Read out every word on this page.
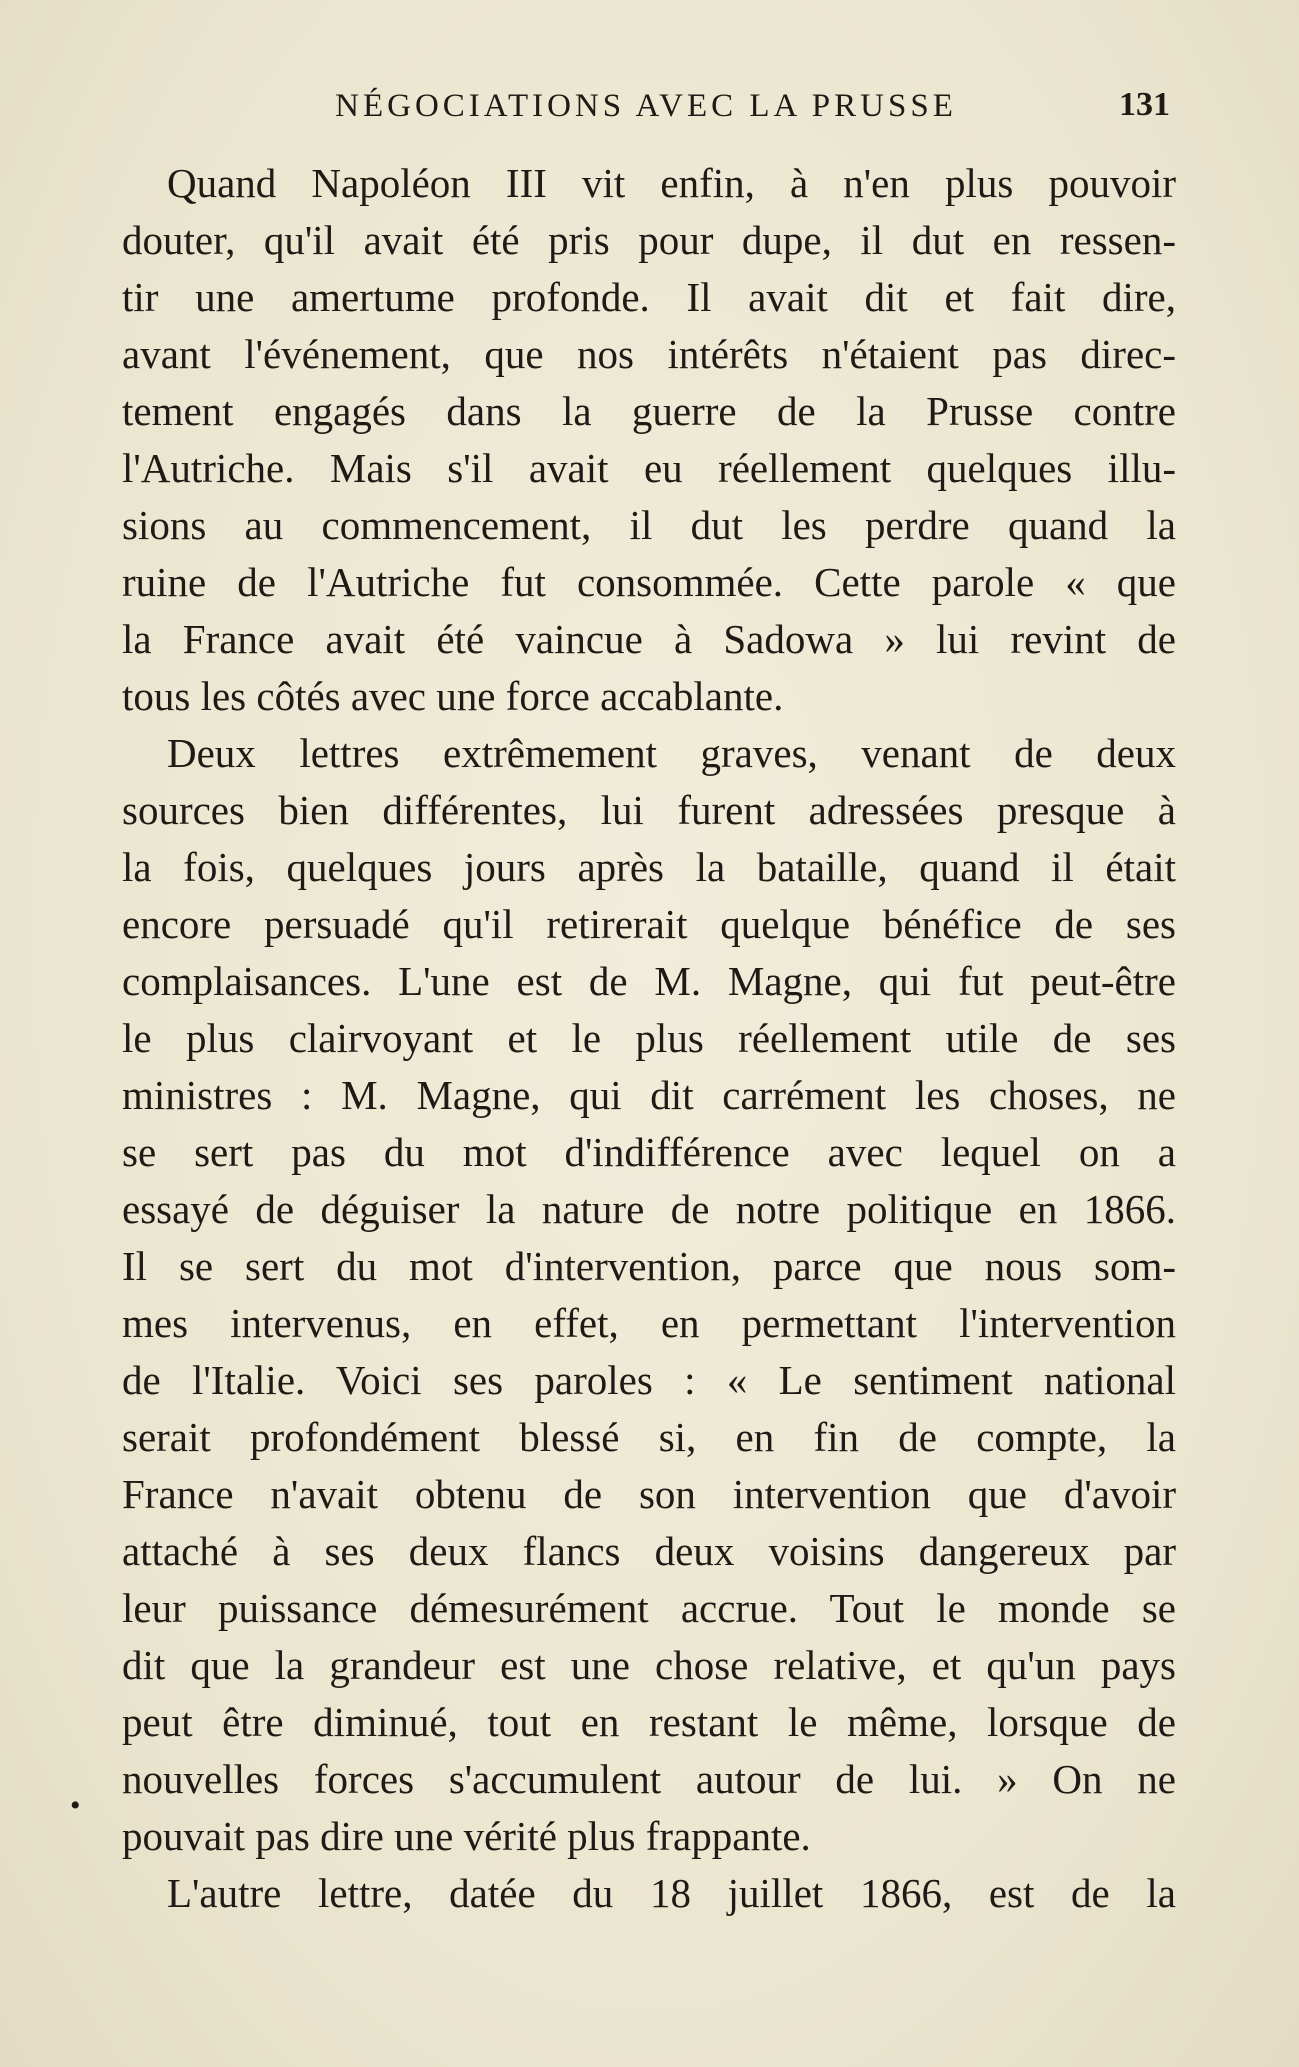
NÉGOCIATIONS AVEC LA PRUSSE	131
Quand Napoléon III vit enfin, à n'en plus pouvoir
douter, qu'il avait été pris pour dupe, il dut en ressen-
tir une amertume profonde. Il avait dit et fait dire,
avant l'événement, que nos intérêts n'étaient pas direc-
tement engagés dans la guerre de la Prusse contre
l'Autriche. Mais s'il avait eu réellement quelques illu-
sions au commencement, il dut les perdre quand la
ruine de l'Autriche fut consommée. Cette parole « que
la France avait été vaincue à Sadowa » lui revint de
tous les côtés avec une force accablante.
Deux lettres extrêmement graves, venant de deux
sources bien différentes, lui furent adressées presque à
la fois, quelques jours après la bataille, quand il était
encore persuadé qu'il retirerait quelque bénéfice de ses
complaisances. L'une est de M. Magne, qui fut peut-être
le plus clairvoyant et le plus réellement utile de ses
ministres : M. Magne, qui dit carrément les choses, ne
se sert pas du mot d'indifférence avec lequel on a
essayé de déguiser la nature de notre politique en 1866.
Il se sert du mot d'intervention, parce que nous som-
mes intervenus, en effet, en permettant l'intervention
de l'Italie. Voici ses paroles : « Le sentiment national
serait profondément blessé si, en fin de compte, la
France n'avait obtenu de son intervention que d'avoir
attaché à ses deux flancs deux voisins dangereux par
leur puissance démesurément accrue. Tout le monde se
dit que la grandeur est une chose relative, et qu'un pays
peut être diminué, tout en restant le même, lorsque de
nouvelles forces s'accumulent autour de lui. » On ne
pouvait pas dire une vérité plus frappante.
L'autre lettre, datée du 18 juillet 1866, est de la
•
